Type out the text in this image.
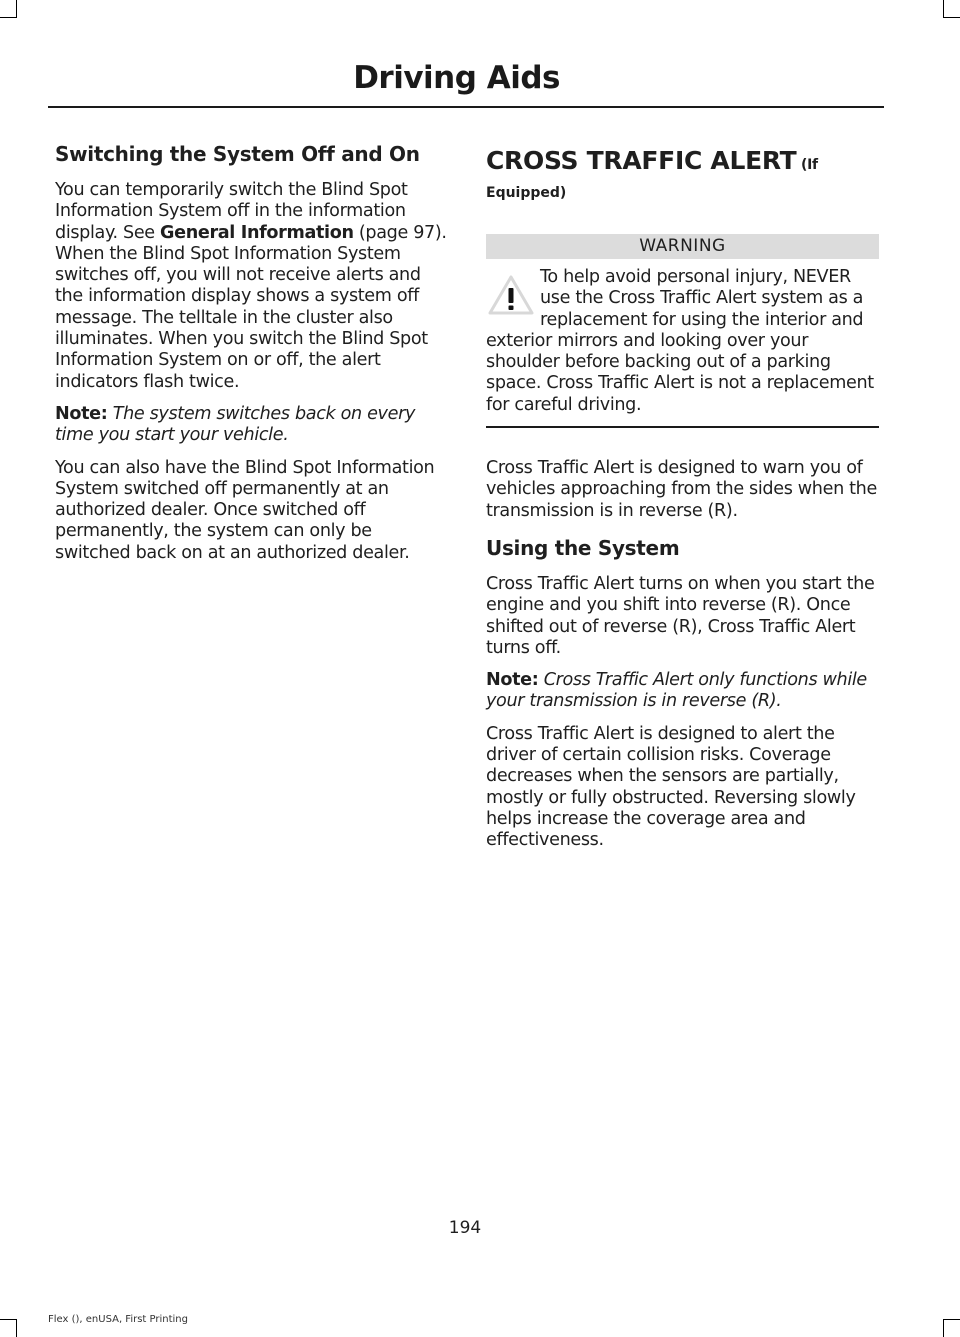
Driving Aids
Switching the System Off and On

You can temporarily switch the Blind Spot Information System off in the information display. See General Information (page 97). When the Blind Spot Information System switches off, you will not receive alerts and the information display shows a system off message. The telltale in the cluster also illuminates. When you switch the Blind Spot Information System on or off, the alert indicators flash twice.

Note: The system switches back on every time you start your vehicle.

You can also have the Blind Spot Information System switched off permanently at an authorized dealer. Once switched off permanently, the system can only be switched back on at an authorized dealer.

CROSS TRAFFIC ALERT (If
Equipped)
WARNING

To help avoid personal injury, NEVER use the Cross Traffic Alert system as a replacement for using the interior and exterior mirrors and looking over your shoulder before backing out of a parking space. Cross Traffic Alert is not a replacement for careful driving.

Cross Traffic Alert is designed to warn you of vehicles approaching from the sides when the transmission is in reverse (R).

Using the System

Cross Traffic Alert turns on when you start the engine and you shift into reverse (R). Once shifted out of reverse (R), Cross Traffic Alert turns off.

Note: Cross Traffic Alert only functions while your transmission is in reverse (R).

Cross Traffic Alert is designed to alert the driver of certain collision risks. Coverage decreases when the sensors are partially, mostly or fully obstructed. Reversing slowly helps increase the coverage area and effectiveness.

194
Flex (), enUSA, First Printing
